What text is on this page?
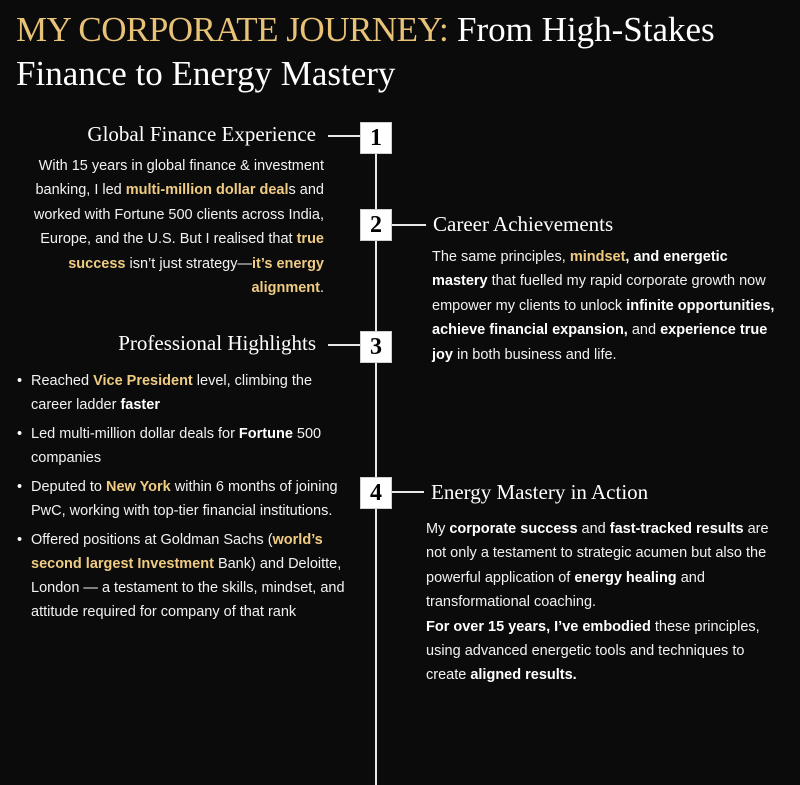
MY CORPORATE JOURNEY: From High-Stakes Finance to Energy Mastery
Global Finance Experience	1
With 15 years in global finance & investment banking, I led multi-million dollar deals and worked with Fortune 500 clients across India, Europe, and the U.S. But I realised that true success isn’t just strategy—it’s energy alignment.
2	Career Achievements
The same principles, mindset, and energetic mastery that fuelled my rapid corporate growth now empower my clients to unlock infinite opportunities, achieve financial expansion, and experience true joy in both business and life.
Professional Highlights	3
• Reached Vice President level, climbing the career ladder faster
• Led multi-million dollar deals for Fortune 500 companies
• Deputed to New York within 6 months of joining PwC, working with top-tier financial institutions.
• Offered positions at Goldman Sachs (world’s second largest Investment Bank) and Deloitte, London — a testament to the skills, mindset, and attitude required for company of that rank
4	Energy Mastery in Action
My corporate success and fast-tracked results are not only a testament to strategic acumen but also the powerful application of energy healing and transformational coaching.
For over 15 years, I’ve embodied these principles, using advanced energetic tools and techniques to create aligned results.
